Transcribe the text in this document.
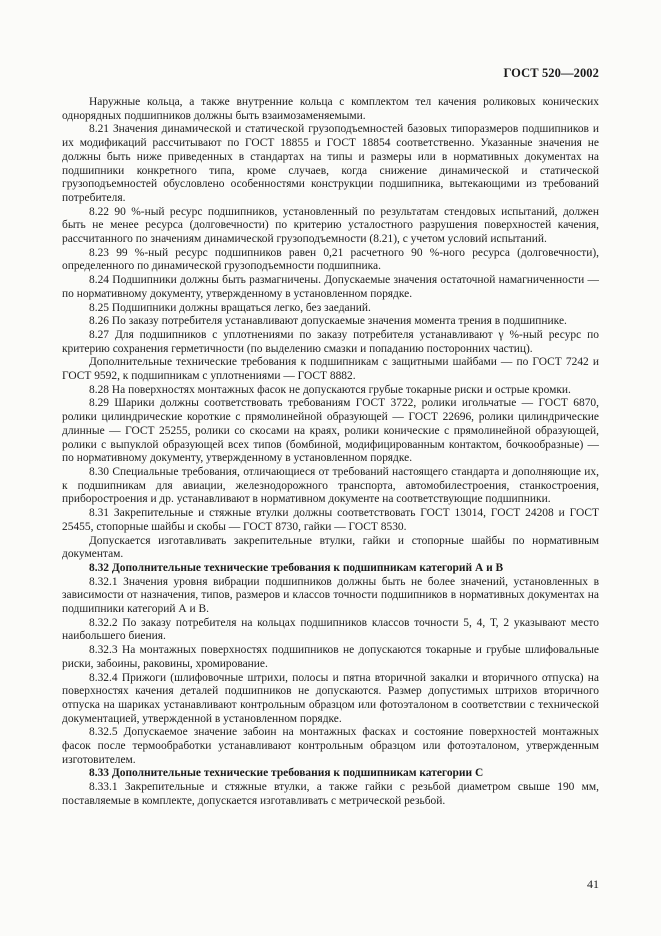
ГОСТ 520—2002

Наружные кольца, а также внутренние кольца с комплектом тел качения роликовых конических однорядных подшипников должны быть взаимозаменяемыми.

8.21 Значения динамической и статической грузоподъемностей базовых типоразмеров подшипников и их модификаций рассчитывают по ГОСТ 18855 и ГОСТ 18854 соответственно. Указанные значения не должны быть ниже приведенных в стандартах на типы и размеры или в нормативных документах на подшипники конкретного типа, кроме случаев, когда снижение динамической и статической грузоподъемностей обусловлено особенностями конструкции подшипника, вытекающими из требований потребителя.

8.22 90 %-ный ресурс подшипников, установленный по результатам стендовых испытаний, должен быть не менее ресурса (долговечности) по критерию усталостного разрушения поверхностей качения, рассчитанного по значениям динамической грузоподъемности (8.21), с учетом условий испытаний.

8.23 99 %-ный ресурс подшипников равен 0,21 расчетного 90 %-ного ресурса (долговечности), определенного по динамической грузоподъемности подшипника.

8.24 Подшипники должны быть размагничены. Допускаемые значения остаточной намагниченности — по нормативному документу, утвержденному в установленном порядке.

8.25 Подшипники должны вращаться легко, без заеданий.

8.26 По заказу потребителя устанавливают допускаемые значения момента трения в подшипнике.

8.27 Для подшипников с уплотнениями по заказу потребителя устанавливают γ %-ный ресурс по критерию сохранения герметичности (по выделению смазки и попаданию посторонних частиц).

Дополнительные технические требования к подшипникам с защитными шайбами — по ГОСТ 7242 и ГОСТ 9592, к подшипникам с уплотнениями — ГОСТ 8882.

8.28 На поверхностях монтажных фасок не допускаются грубые токарные риски и острые кромки.

8.29 Шарики должны соответствовать требованиям ГОСТ 3722, ролики игольчатые — ГОСТ 6870, ролики цилиндрические короткие с прямолинейной образующей — ГОСТ 22696, ролики цилиндрические длинные — ГОСТ 25255, ролики со скосами на краях, ролики конические с прямолинейной образующей, ролики с выпуклой образующей всех типов (бомбиной, модифицированным контактом, бочкообразные) — по нормативному документу, утвержденному в установленном порядке.

8.30 Специальные требования, отличающиеся от требований настоящего стандарта и дополняющие их, к подшипникам для авиации, железнодорожного транспорта, автомобилестроения, станкостроения, приборостроения и др. устанавливают в нормативном документе на соответствующие подшипники.

8.31 Закрепительные и стяжные втулки должны соответствовать ГОСТ 13014, ГОСТ 24208 и ГОСТ 25455, стопорные шайбы и скобы — ГОСТ 8730, гайки — ГОСТ 8530.

Допускается изготавливать закрепительные втулки, гайки и стопорные шайбы по нормативным документам.

8.32 Дополнительные технические требования к подшипникам категорий А и В

8.32.1 Значения уровня вибрации подшипников должны быть не более значений, установленных в зависимости от назначения, типов, размеров и классов точности подшипников в нормативных документах на подшипники категорий А и В.

8.32.2 По заказу потребителя на кольцах подшипников классов точности 5, 4, Т, 2 указывают место наибольшего биения.

8.32.3 На монтажных поверхностях подшипников не допускаются токарные и грубые шлифовальные риски, забоины, раковины, хромирование.

8.32.4 Прижоги (шлифовочные штрихи, полосы и пятна вторичной закалки и вторичного отпуска) на поверхностях качения деталей подшипников не допускаются. Размер допустимых штрихов вторичного отпуска на шариках устанавливают контрольным образцом или фотоэталоном в соответствии с технической документацией, утвержденной в установленном порядке.

8.32.5 Допускаемое значение забоин на монтажных фасках и состояние поверхностей монтажных фасок после термообработки устанавливают контрольным образцом или фотоэталоном, утвержденным изготовителем.

8.33 Дополнительные технические требования к подшипникам категории С

8.33.1 Закрепительные и стяжные втулки, а также гайки с резьбой диаметром свыше 190 мм, поставляемые в комплекте, допускается изготавливать с метрической резьбой.

41
